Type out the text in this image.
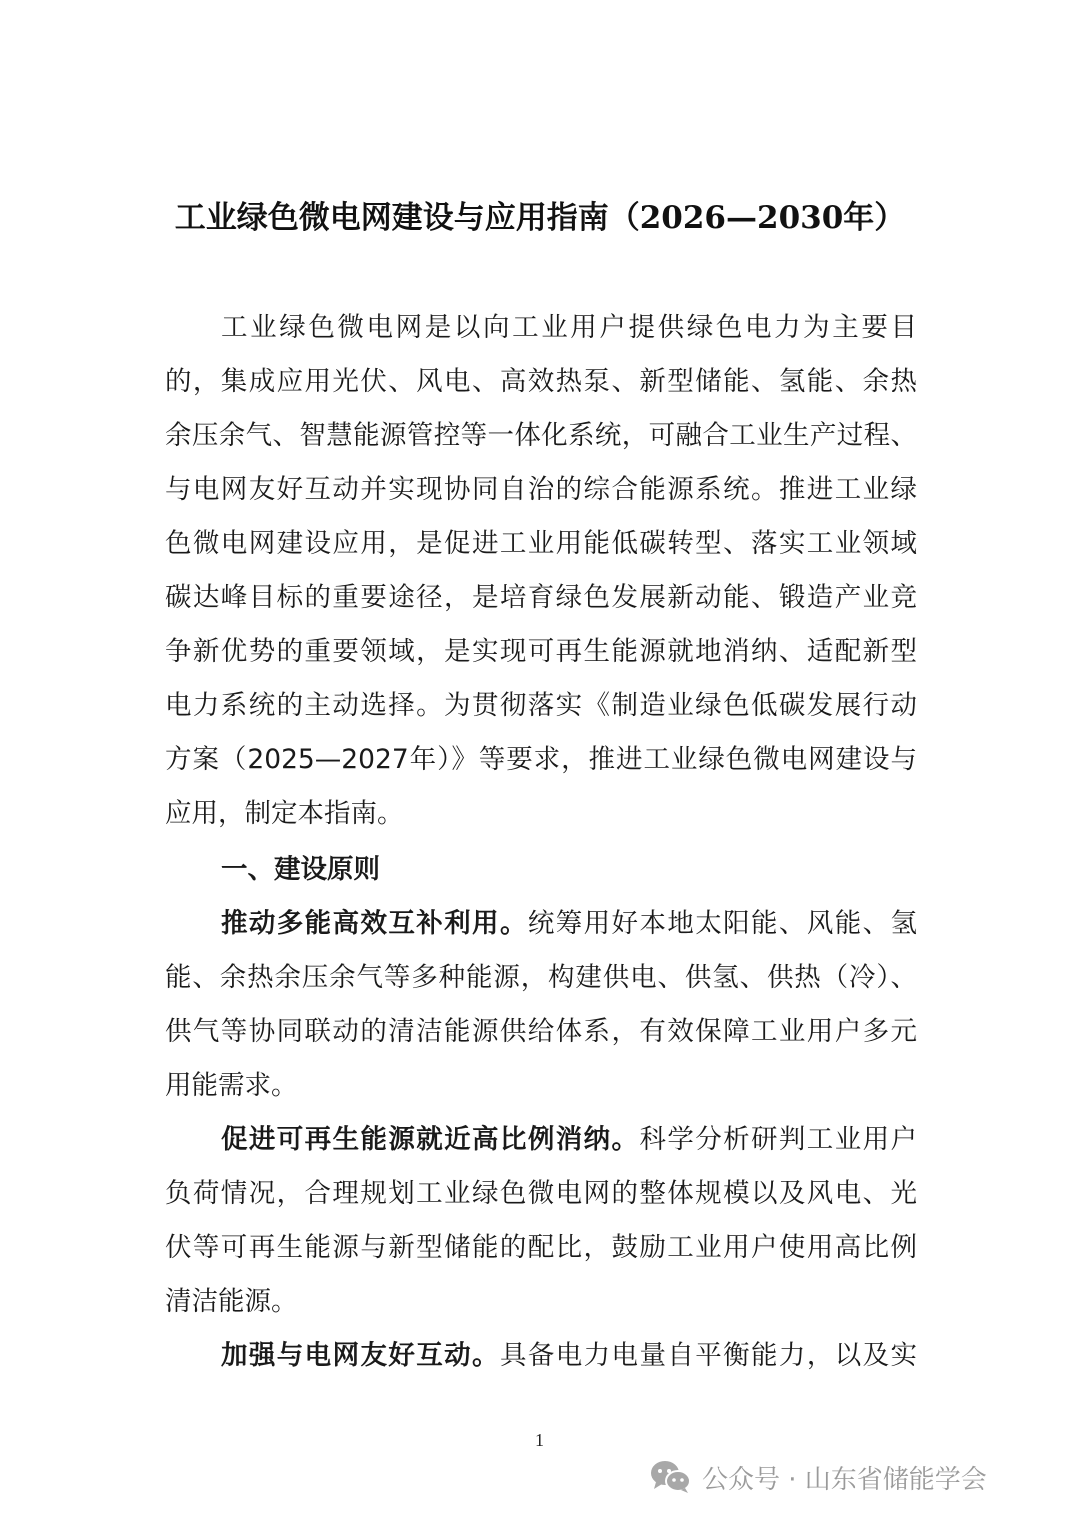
工业绿色微电网建设与应用指南（2026—2030年）
工业绿色微电网是以向工业用户提供绿色电力为主要目
的，集成应用光伏、风电、高效热泵、新型储能、氢能、余热
余压余气、智慧能源管控等一体化系统，可融合工业生产过程、
与电网友好互动并实现协同自治的综合能源系统。推进工业绿
色微电网建设应用，是促进工业用能低碳转型、落实工业领域
碳达峰目标的重要途径，是培育绿色发展新动能、锻造产业竞
争新优势的重要领域，是实现可再生能源就地消纳、适配新型
电力系统的主动选择。为贯彻落实《制造业绿色低碳发展行动
方案（2025—2027年）》等要求，推进工业绿色微电网建设与
应用，制定本指南。
一、建设原则
推动多能高效互补利用。统筹用好本地太阳能、风能、氢
能、余热余压余气等多种能源，构建供电、供氢、供热（冷）、
供气等协同联动的清洁能源供给体系，有效保障工业用户多元
用能需求。
促进可再生能源就近高比例消纳。科学分析研判工业用户
负荷情况，合理规划工业绿色微电网的整体规模以及风电、光
伏等可再生能源与新型储能的配比，鼓励工业用户使用高比例
清洁能源。
加强与电网友好互动。具备电力电量自平衡能力，以及实
1
公众号 · 山东省储能学会
